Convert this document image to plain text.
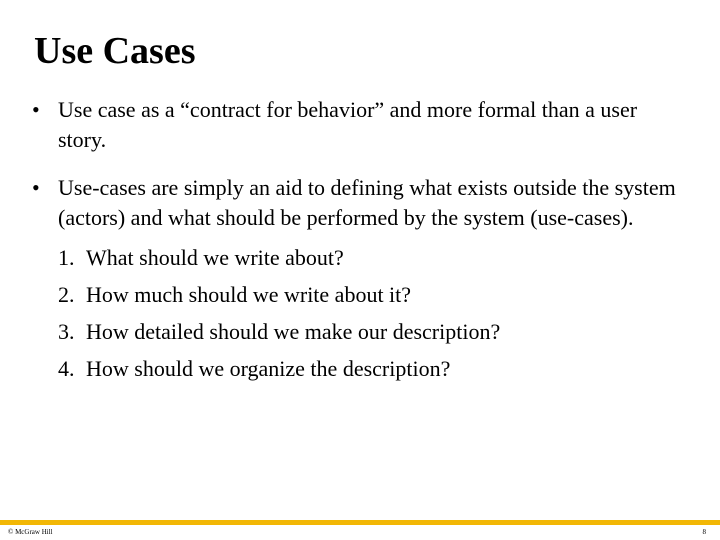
Use Cases
• Use case as a “contract for behavior” and more formal than a user story.
• Use-cases are simply an aid to defining what exists outside the system (actors) and what should be performed by the system (use-cases).
1. What should we write about?
2. How much should we write about it?
3. How detailed should we make our description?
4. How should we organize the description?
© McGraw Hill	8
